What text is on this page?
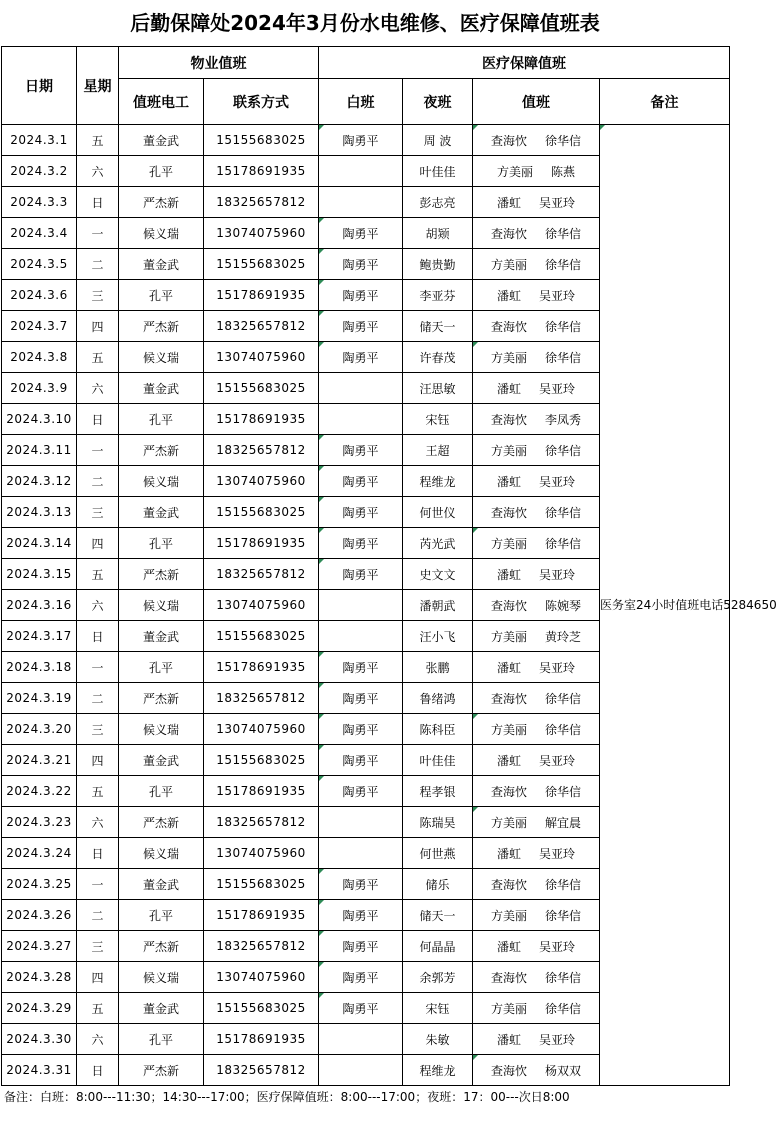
后勤保障处2024年3月份水电维修、医疗保障值班表
日期	星期	物业值班		医疗保障值班			
		值班电工	联系方式	白班	夜班	值班	备注
2024.3.1	五	董金武	15155683025	陶勇平	周 波	查海忺 徐华信	医务室24小时值班电话5284650

2024.3.2	六	孔平	15178691935		叶佳佳	方美丽 陈燕	
2024.3.3	日	严杰新	18325657812		彭志亮	潘虹 吴亚玲	
2024.3.4	一	候义瑞	13074075960	陶勇平	胡颎	查海忺 徐华信	
2024.3.5	二	董金武	15155683025	陶勇平	鲍贵勤	方美丽 徐华信	
2024.3.6	三	孔平	15178691935	陶勇平	李亚芬	潘虹 吴亚玲	
2024.3.7	四	严杰新	18325657812	陶勇平	储天一	查海忺 徐华信	
2024.3.8	五	候义瑞	13074075960	陶勇平	许春茂	方美丽 徐华信	

2024.3.9	六	董金武	15155683025		汪思敏	潘虹 吴亚玲	
2024.3.10	日	孔平	15178691935		宋钰	查海忺 李凤秀	
2024.3.11	一	严杰新	18325657812	陶勇平	王超	方美丽 徐华信	
2024.3.12	二	候义瑞	13074075960	陶勇平	程维龙	潘虹 吴亚玲	
2024.3.13	三	董金武	15155683025	陶勇平	何世仪	查海忺 徐华信	
2024.3.14	四	孔平	15178691935	陶勇平	芮光武	方美丽 徐华信	

2024.3.15	五	严杰新	18325657812	陶勇平	史文文	潘虹 吴亚玲	
2024.3.16	六	候义瑞	13074075960		潘朝武	查海忺 陈婉琴	
2024.3.17	日	董金武	15155683025		汪小飞	方美丽 黄玲芝	
2024.3.18	一	孔平	15178691935	陶勇平	张鹏	潘虹 吴亚玲	
2024.3.19	二	严杰新	18325657812	陶勇平	鲁绪鸿	查海忺 徐华信	
2024.3.20	三	候义瑞	13074075960	陶勇平	陈科臣	方美丽 徐华信	

2024.3.21	四	董金武	15155683025	陶勇平	叶佳佳	潘虹 吴亚玲	
2024.3.22	五	孔平	15178691935	陶勇平	程孝银	查海忺 徐华信	
2024.3.23	六	严杰新	18325657812		陈瑞昊	方美丽 解宜晨	

2024.3.24	日	候义瑞	13074075960		何世燕	潘虹 吴亚玲	
2024.3.25	一	董金武	15155683025	陶勇平	储乐	查海忺 徐华信	
2024.3.26	二	孔平	15178691935	陶勇平	储天一	方美丽 徐华信	
2024.3.27	三	严杰新	18325657812	陶勇平	何晶晶	潘虹 吴亚玲	
2024.3.28	四	候义瑞	13074075960	陶勇平	余郭芳	查海忺 徐华信	
2024.3.29	五	董金武	15155683025	陶勇平	宋钰	方美丽 徐华信	
2024.3.30	六	孔平	15178691935		朱敏	潘虹 吴亚玲	
2024.3.31	日	严杰新	18325657812		程维龙	查海忺 杨双双	
备注：白班：8:00---11:30；14:30---17:00；医疗保障值班：8:00---17:00；夜班：17：00---次日8:00
